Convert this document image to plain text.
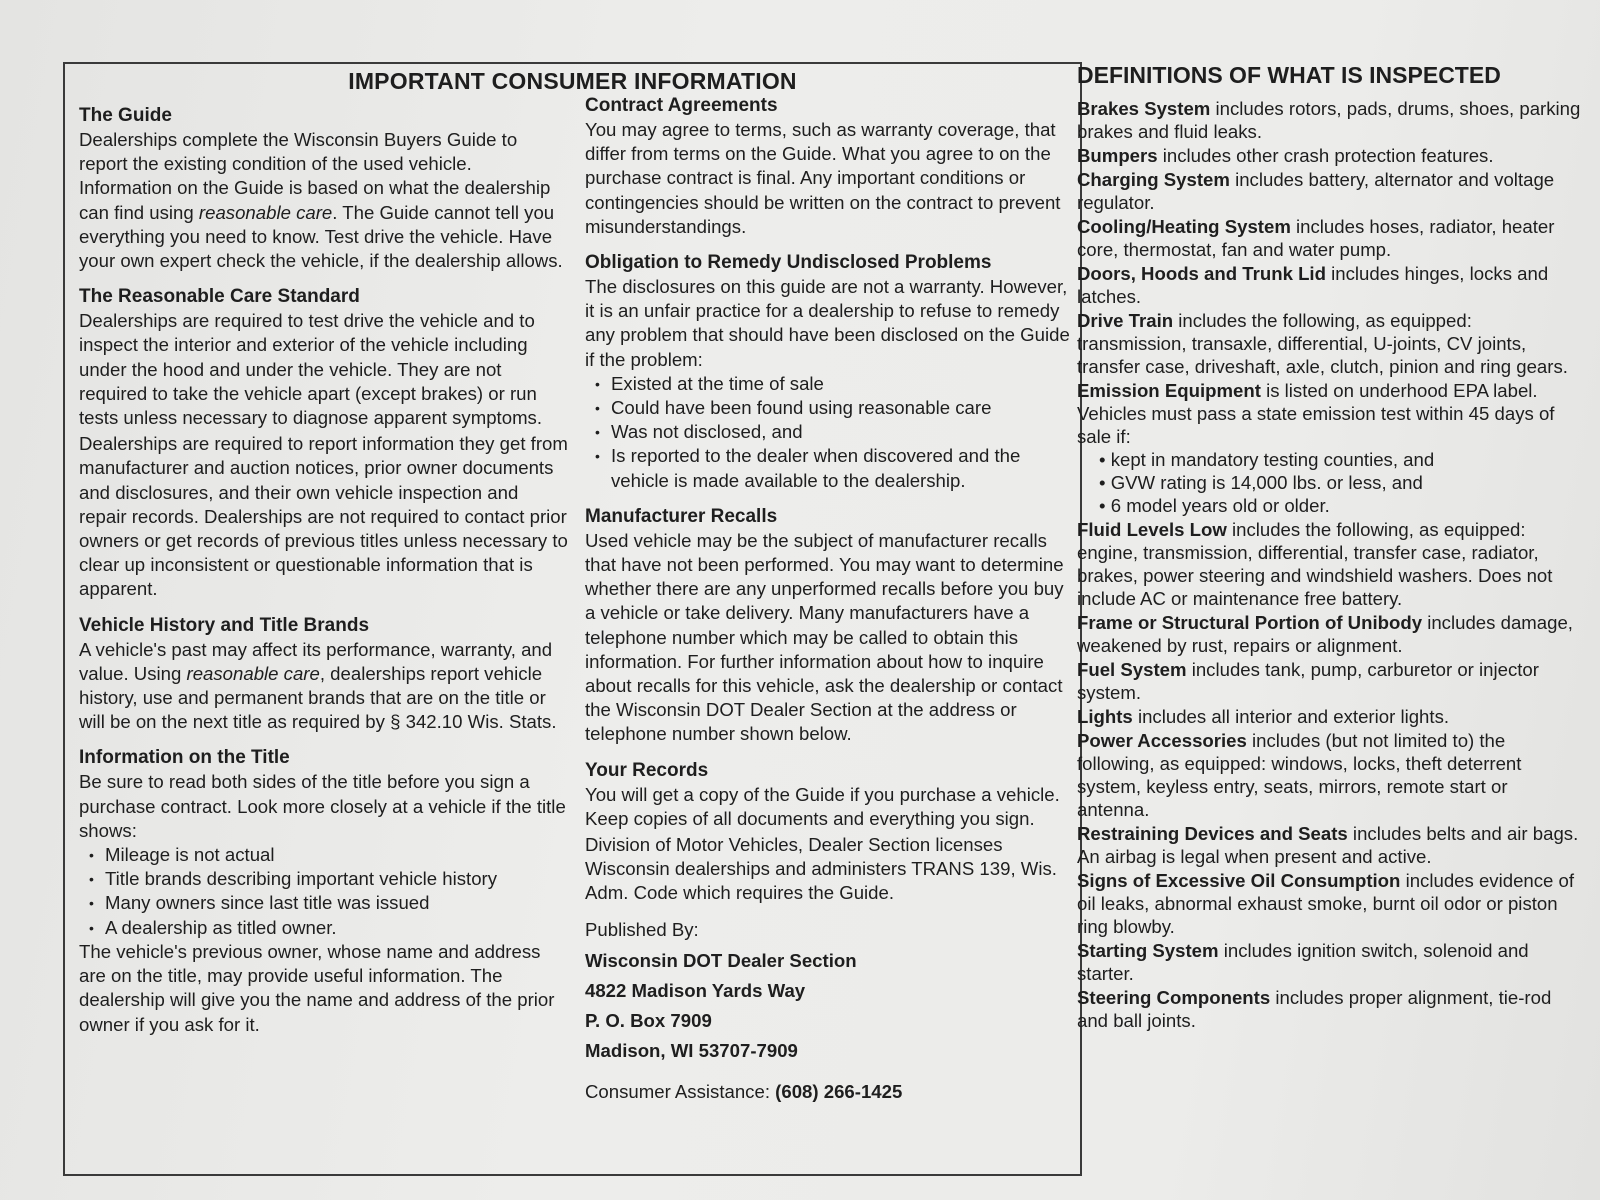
IMPORTANT CONSUMER INFORMATION
The Guide

Dealerships complete the Wisconsin Buyers Guide to report the existing condition of the used vehicle. Information on the Guide is based on what the dealership can find using reasonable care. The Guide cannot tell you everything you need to know. Test drive the vehicle. Have your own expert check the vehicle, if the dealership allows.

The Reasonable Care Standard

Dealerships are required to test drive the vehicle and to inspect the interior and exterior of the vehicle including under the hood and under the vehicle. They are not required to take the vehicle apart (except brakes) or run tests unless necessary to diagnose apparent symptoms.

Dealerships are required to report information they get from manufacturer and auction notices, prior owner documents and disclosures, and their own vehicle inspection and repair records. Dealerships are not required to contact prior owners or get records of previous titles unless necessary to clear up inconsistent or questionable information that is apparent.

Vehicle History and Title Brands

A vehicle's past may affect its performance, warranty, and value. Using reasonable care, dealerships report vehicle history, use and permanent brands that are on the title or will be on the next title as required by § 342.10 Wis. Stats.

Information on the Title

Be sure to read both sides of the title before you sign a purchase contract. Look more closely at a vehicle if the title shows:

• Mileage is not actual
• Title brands describing important vehicle history
• Many owners since last title was issued
• A dealership as titled owner.

The vehicle's previous owner, whose name and address are on the title, may provide useful information. The dealership will give you the name and address of the prior owner if you ask for it.

Contract Agreements

You may agree to terms, such as warranty coverage, that differ from terms on the Guide. What you agree to on the purchase contract is final. Any important conditions or contingencies should be written on the contract to prevent misunderstandings.

Obligation to Remedy Undisclosed Problems

The disclosures on this guide are not a warranty. However, it is an unfair practice for a dealership to refuse to remedy any problem that should have been disclosed on the Guide if the problem:

• Existed at the time of sale
• Could have been found using reasonable care
• Was not disclosed, and
• Is reported to the dealer when discovered and the vehicle is made available to the dealership.
Manufacturer Recalls

Used vehicle may be the subject of manufacturer recalls that have not been performed. You may want to determine whether there are any unperformed recalls before you buy a vehicle or take delivery. Many manufacturers have a telephone number which may be called to obtain this information. For further information about how to inquire about recalls for this vehicle, ask the dealership or contact the Wisconsin DOT Dealer Section at the address or telephone number shown below.

Your Records

You will get a copy of the Guide if you purchase a vehicle. Keep copies of all documents and everything you sign.

Division of Motor Vehicles, Dealer Section licenses Wisconsin dealerships and administers TRANS 139, Wis. Adm. Code which requires the Guide.

Published By:
Wisconsin DOT Dealer Section
4822 Madison Yards Way
P. O. Box 7909
Madison, WI 53707-7909
Consumer Assistance: (608) 266-1425
DEFINITIONS OF WHAT IS INSPECTED
Brakes System includes rotors, pads, drums, shoes, parking brakes and fluid leaks.
Bumpers includes other crash protection features.
Charging System includes battery, alternator and voltage regulator.
Cooling/Heating System includes hoses, radiator, heater core, thermostat, fan and water pump.
Doors, Hoods and Trunk Lid includes hinges, locks and latches.
Drive Train includes the following, as equipped: transmission, transaxle, differential, U-joints, CV joints, transfer case, driveshaft, axle, clutch, pinion and ring gears.
Emission Equipment is listed on underhood EPA label. Vehicles must pass a state emission test within 45 days of sale if:
• kept in mandatory testing counties, and
• GVW rating is 14,000 lbs. or less, and
• 6 model years old or older.
Fluid Levels Low includes the following, as equipped: engine, transmission, differential, transfer case, radiator, brakes, power steering and windshield washers. Does not include AC or maintenance free battery.
Frame or Structural Portion of Unibody includes damage, weakened by rust, repairs or alignment.
Fuel System includes tank, pump, carburetor or injector system.
Lights includes all interior and exterior lights.
Power Accessories includes (but not limited to) the following, as equipped: windows, locks, theft deterrent system, keyless entry, seats, mirrors, remote start or antenna.
Restraining Devices and Seats includes belts and air bags. An airbag is legal when present and active.
Signs of Excessive Oil Consumption includes evidence of oil leaks, abnormal exhaust smoke, burnt oil odor or piston ring blowby.
Starting System includes ignition switch, solenoid and starter.
Steering Components includes proper alignment, tie-rod and ball joints.
